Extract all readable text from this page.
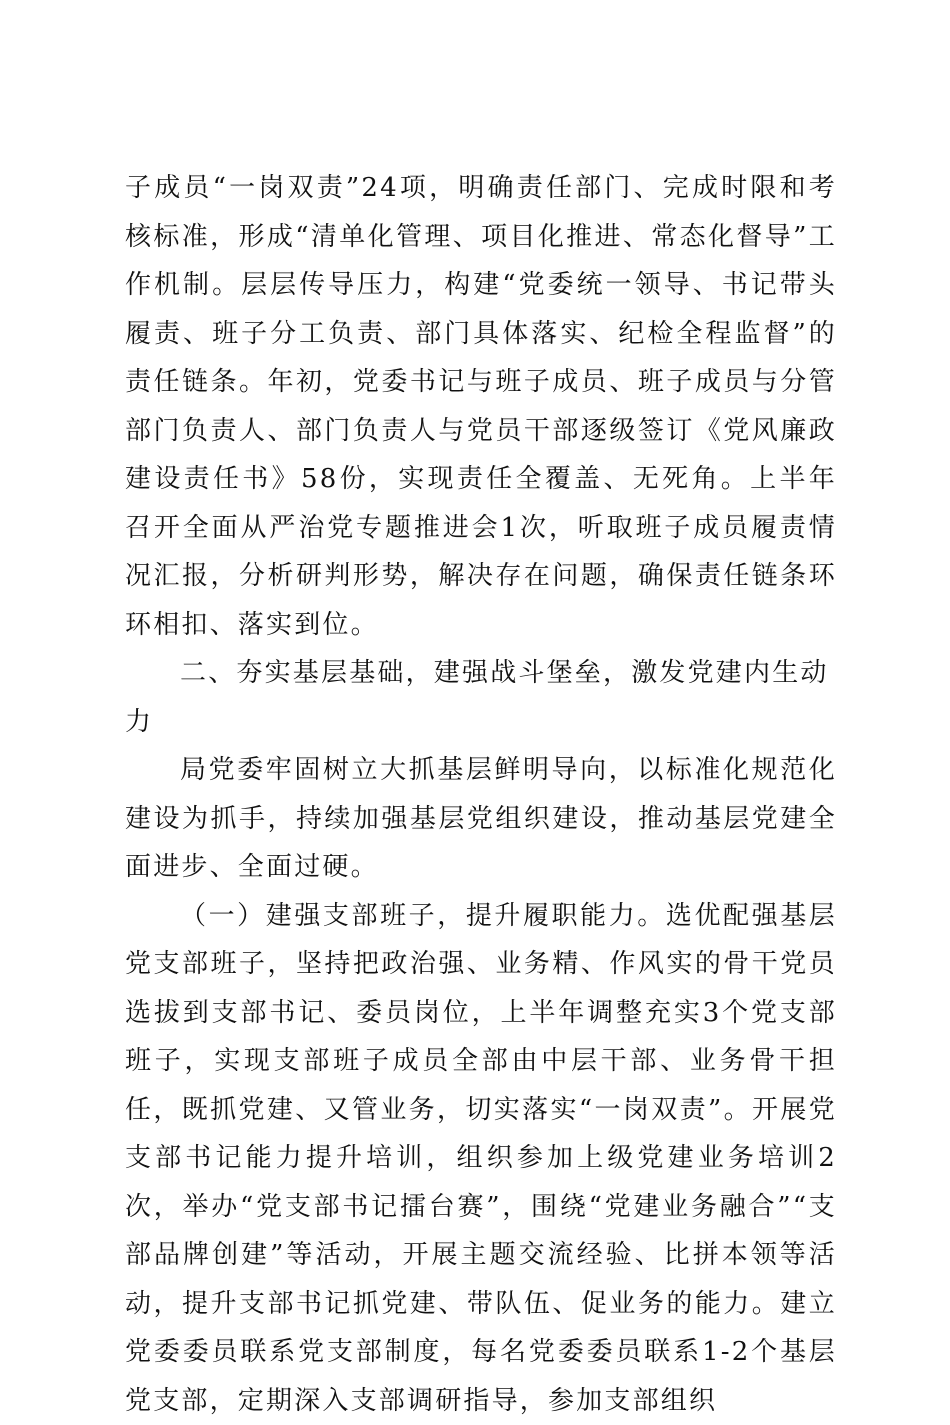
子成员“一岗双责”24项，明确责任部门、完成时限和考核标准，形成“清单化管理、项目化推进、常态化督导”工作机制。层层传导压力，构建“党委统一领导、书记带头履责、班子分工负责、部门具体落实、纪检全程监督”的责任链条。年初，党委书记与班子成员、班子成员与分管部门负责人、部门负责人与党员干部逐级签订《党风廉政建设责任书》58份，实现责任全覆盖、无死角。上半年召开全面从严治党专题推进会1次，听取班子成员履责情况汇报，分析研判形势，解决存在问题，确保责任链条环环相扣、落实到位。

二、夯实基层基础，建强战斗堡垒，激发党建内生动力

局党委牢固树立大抓基层鲜明导向，以标准化规范化建设为抓手，持续加强基层党组织建设，推动基层党建全面进步、全面过硬。

（一）建强支部班子，提升履职能力。选优配强基层党支部班子，坚持把政治强、业务精、作风实的骨干党员选拔到支部书记、委员岗位，上半年调整充实3个党支部班子，实现支部班子成员全部由中层干部、业务骨干担任，既抓党建、又管业务，切实落实“一岗双责”。开展党支部书记能力提升培训，组织参加上级党建业务培训2次，举办“党支部书记擂台赛”，围绕“党建业务融合”“支部品牌创建”等活动，开展主题交流经验、比拼本领等活动，提升支部书记抓党建、带队伍、促业务的能力。建立党委委员联系党支部制度，每名党委委员联系1-2个基层党支部，定期深入支部调研指导，参加支部组织
